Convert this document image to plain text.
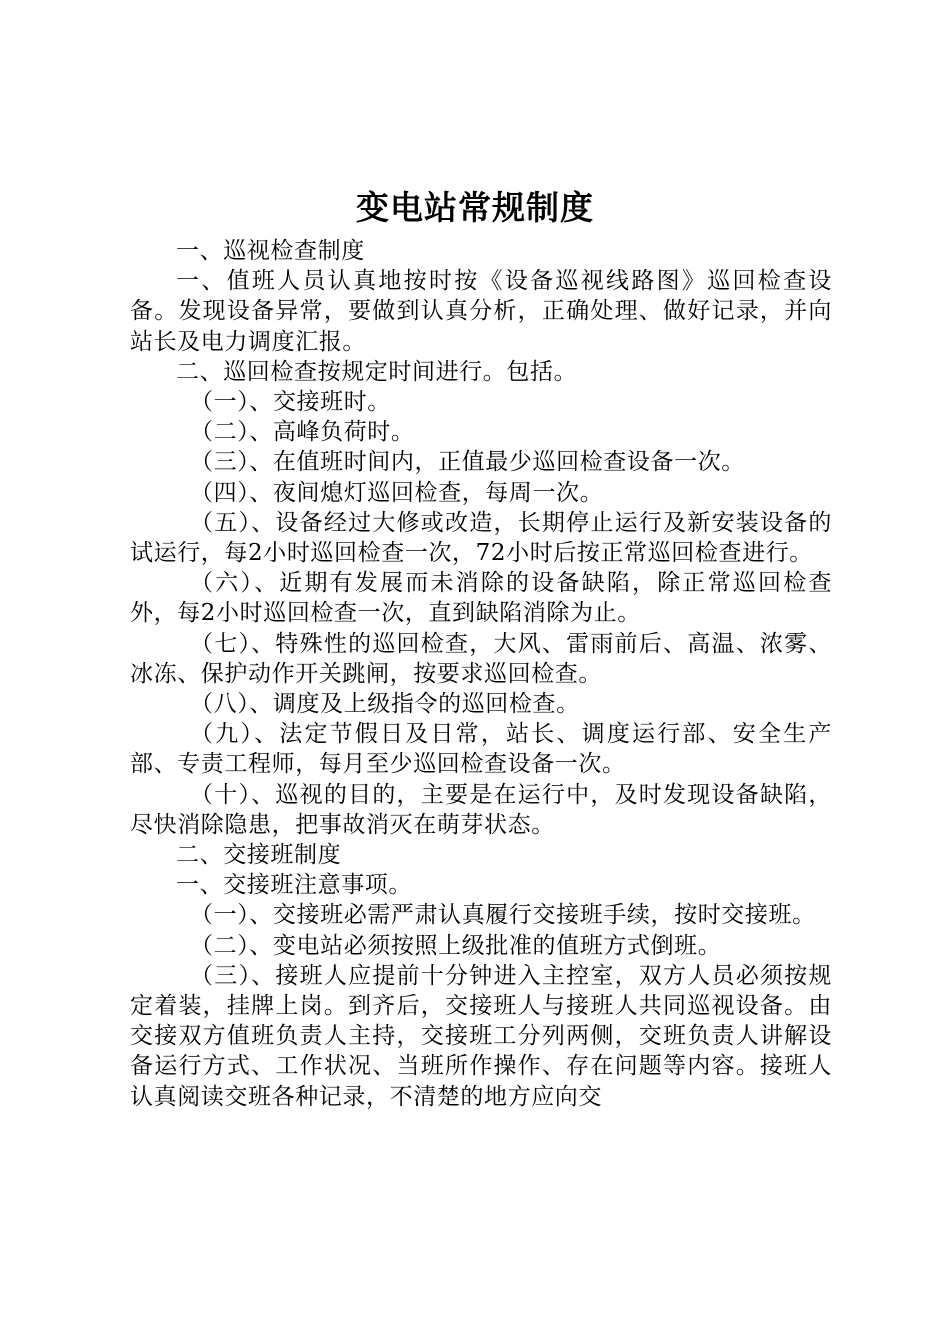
变电站常规制度

一、巡视检查制度

一、值班人员认真地按时按《设备巡视线路图》巡回检查设备。发现设备异常，要做到认真分析，正确处理、做好记录，并向站长及电力调度汇报。

二、巡回检查按规定时间进行。包括。

（一）、交接班时。

（二）、高峰负荷时。

（三）、在值班时间内，正值最少巡回检查设备一次。

（四）、夜间熄灯巡回检查，每周一次。

（五）、设备经过大修或改造，长期停止运行及新安装设备的试运行，每2小时巡回检查一次，72小时后按正常巡回检查进行。

（六）、近期有发展而未消除的设备缺陷，除正常巡回检查外，每2小时巡回检查一次，直到缺陷消除为止。

（七）、特殊性的巡回检查，大风、雷雨前后、高温、浓雾、冰冻、保护动作开关跳闸，按要求巡回检查。

（八）、调度及上级指令的巡回检查。

（九）、法定节假日及日常，站长、调度运行部、安全生产部、专责工程师，每月至少巡回检查设备一次。

（十）、巡视的目的，主要是在运行中，及时发现设备缺陷，尽快消除隐患，把事故消灭在萌芽状态。

二、交接班制度

一、交接班注意事项。

（一）、交接班必需严肃认真履行交接班手续，按时交接班。

（二）、变电站必须按照上级批准的值班方式倒班。

（三）、接班人应提前十分钟进入主控室，双方人员必须按规定着装，挂牌上岗。到齐后，交接班人与接班人共同巡视设备。由交接双方值班负责人主持，交接班工分列两侧，交班负责人讲解设备运行方式、工作状况、当班所作操作、存在问题等内容。接班人认真阅读交班各种记录，不清楚的地方应向交
